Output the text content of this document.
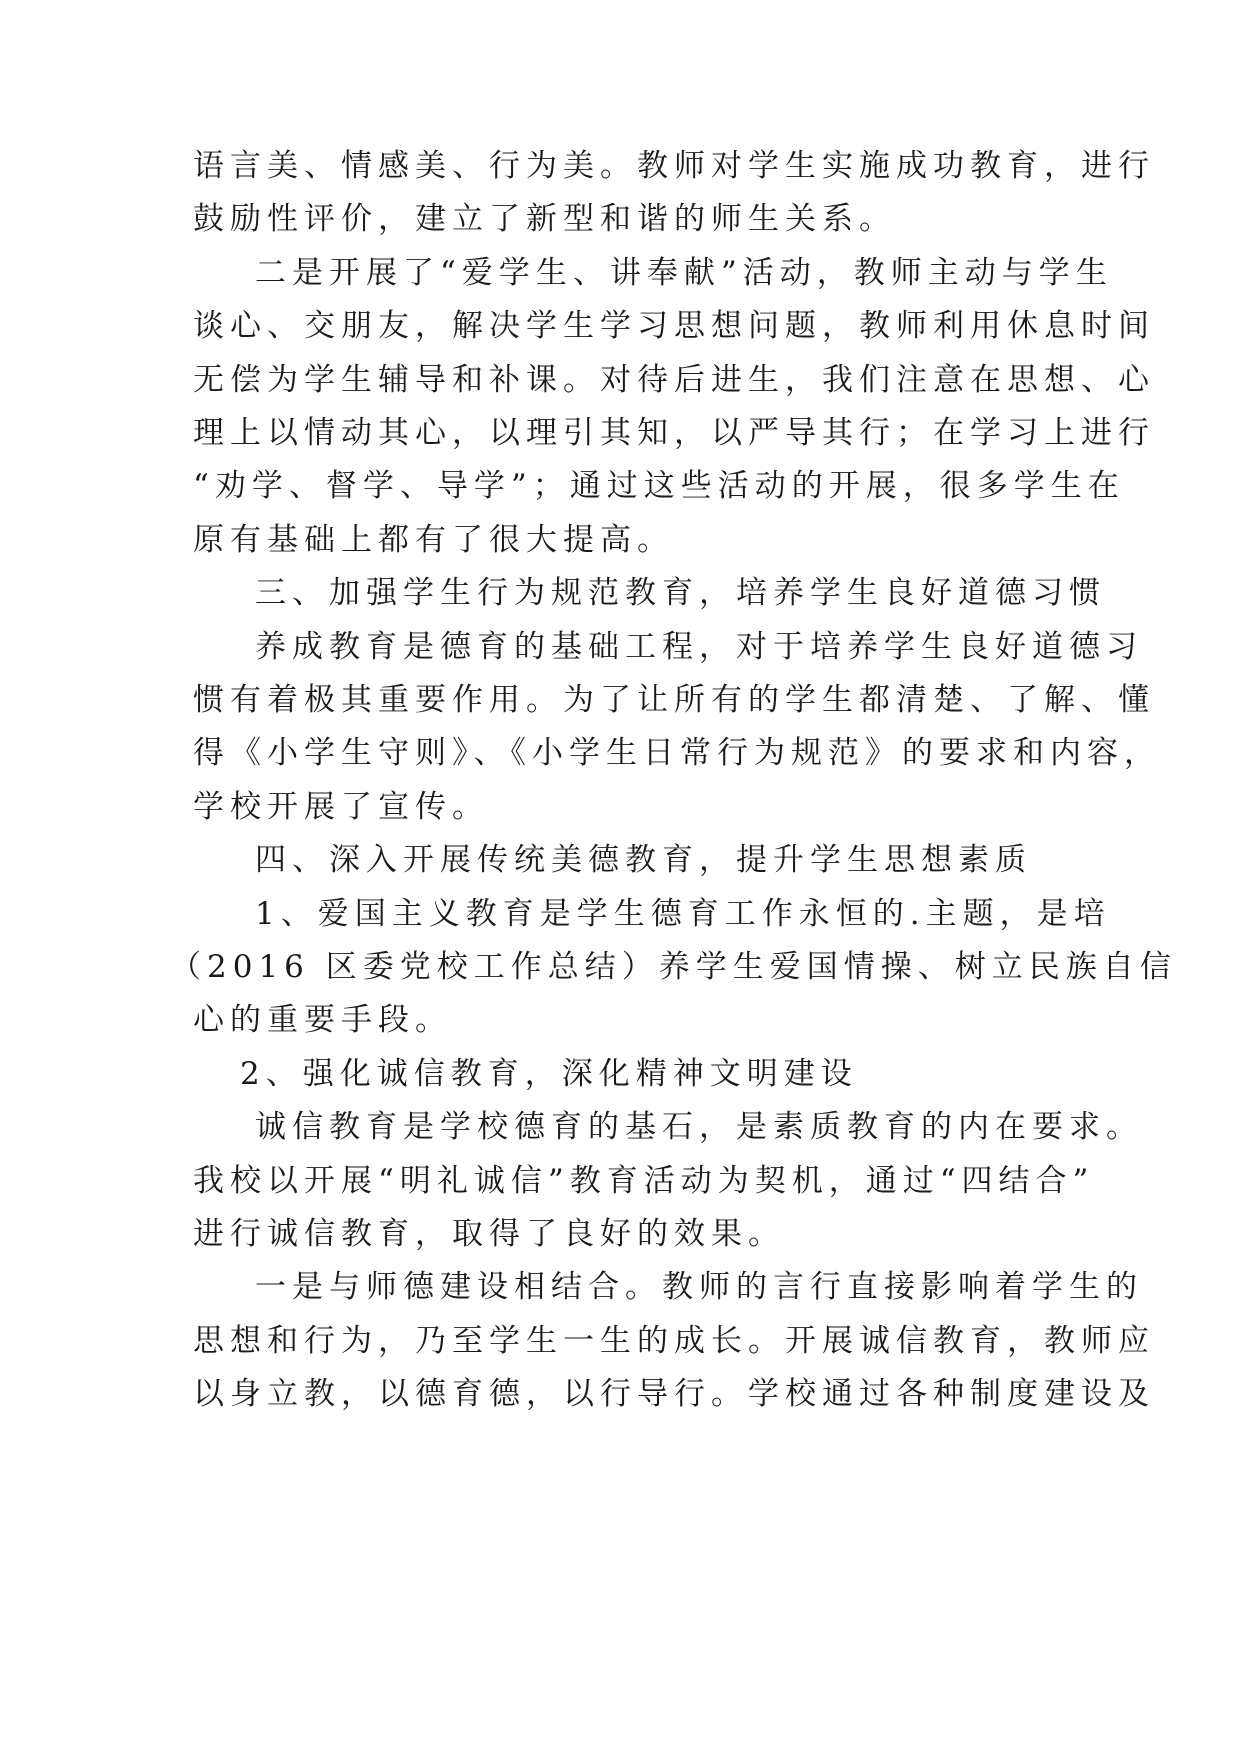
语言美、情感美、行为美。教师对学生实施成功教育，进行
鼓励性评价，建立了新型和谐的师生关系。
二是开展了“爱学生、讲奉献”活动，教师主动与学生
谈心、交朋友，解决学生学习思想问题，教师利用休息时间
无偿为学生辅导和补课。对待后进生，我们注意在思想、心
理上以情动其心，以理引其知，以严导其行；在学习上进行
“劝学、督学、导学”；通过这些活动的开展，很多学生在
原有基础上都有了很大提高。
三、加强学生行为规范教育，培养学生良好道德习惯
养成教育是德育的基础工程，对于培养学生良好道德习
惯有着极其重要作用。为了让所有的学生都清楚、了解、懂
得《小学生守则》、《小学生日常行为规范》的要求和内容，
学校开展了宣传。
四、深入开展传统美德教育，提升学生思想素质
1、爱国主义教育是学生德育工作永恒的.主题，是培
（2016 区委党校工作总结）养学生爱国情操、树立民族自信
心的重要手段。
2、强化诚信教育，深化精神文明建设
诚信教育是学校德育的基石，是素质教育的内在要求。
我校以开展“明礼诚信”教育活动为契机，通过“四结合”
进行诚信教育，取得了良好的效果。
一是与师德建设相结合。教师的言行直接影响着学生的
思想和行为，乃至学生一生的成长。开展诚信教育，教师应
以身立教，以德育德，以行导行。学校通过各种制度建设及
